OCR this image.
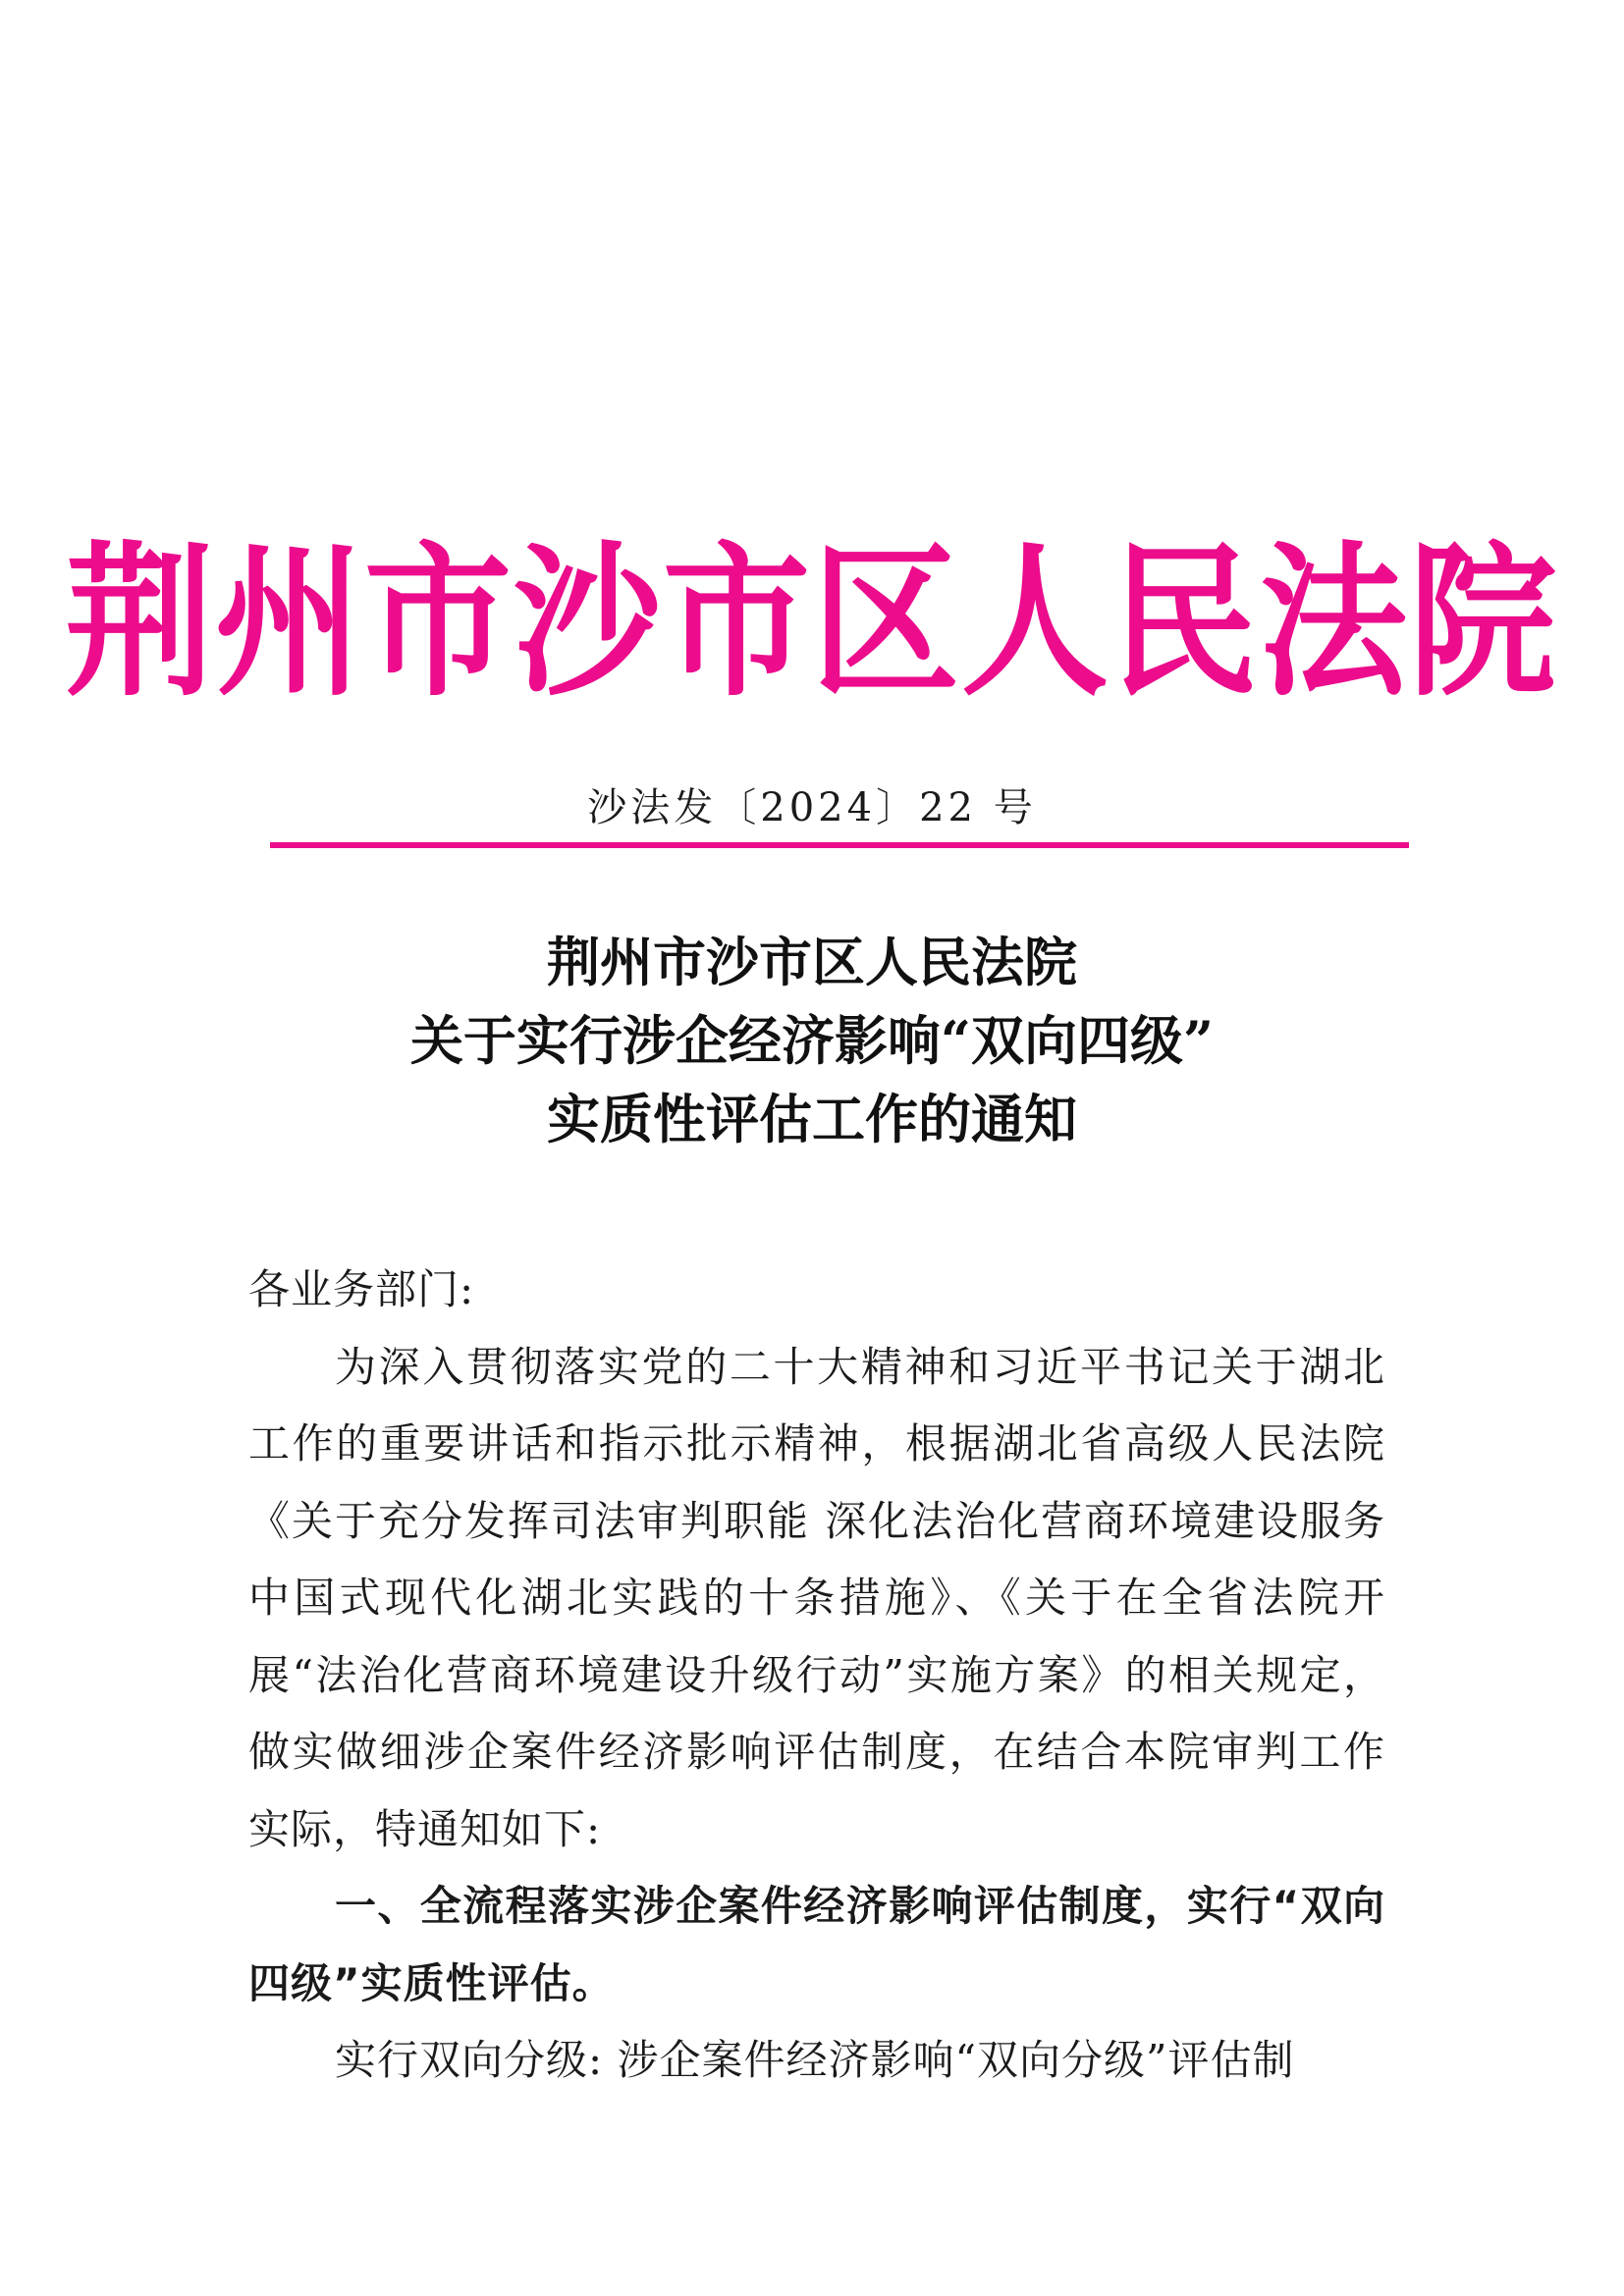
荆州市沙市区人民法院
沙法发〔2024〕22 号
荆州市沙市区人民法院
关于实行涉企经济影响“双向四级”
实质性评估工作的通知

各业务部门:

为深入贯彻落实党的二十大精神和习近平书记关于湖北工作的重要讲话和指示批示精神，根据湖北省高级人民法院《关于充分发挥司法审判职能 深化法治化营商环境建设服务中国式现代化湖北实践的十条措施》、《关于在全省法院开展“法治化营商环境建设升级行动”实施方案》的相关规定，做实做细涉企案件经济影响评估制度，在结合本院审判工作实际，特通知如下:

一、全流程落实涉企案件经济影响评估制度，实行“双向四级”实质性评估。

实行双向分级: 涉企案件经济影响“双向分级”评估制
